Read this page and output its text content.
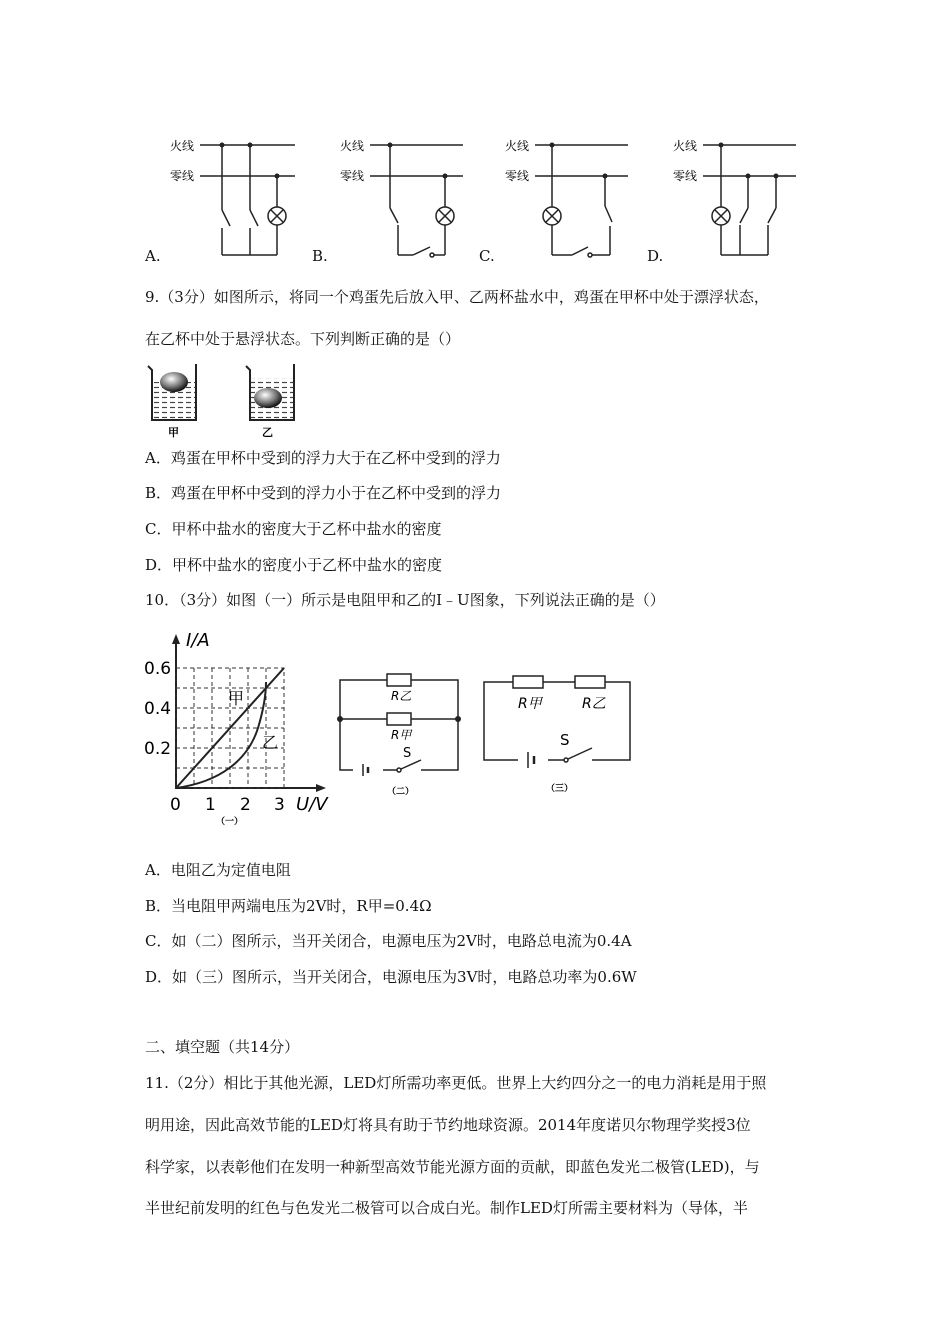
火线
零线
A.
火线
零线
B.
火线
零线
C.
火线
零线
D.
9.（3分）如图所示，将同一个鸡蛋先后放入甲、乙两杯盐水中，鸡蛋在甲杯中处于漂浮状态，
在乙杯中处于悬浮状态。下列判断正确的是（）
甲	乙
A．鸡蛋在甲杯中受到的浮力大于在乙杯中受到的浮力
B．鸡蛋在甲杯中受到的浮力小于在乙杯中受到的浮力
C．甲杯中盐水的密度大于乙杯中盐水的密度
D．甲杯中盐水的密度小于乙杯中盐水的密度
10．（3分）如图（一）所示是电阻甲和乙的I﹣U图象，下列说法正确的是（）
I/A
0.6
0.4
0.2
0 1 2 3 U/V
甲
乙
（一）
R乙
R甲
S
（二）
R甲	R乙
S
（三）
A．电阻乙为定值电阻
B．当电阻甲两端电压为2V时，R甲=0.4Ω
C．如（二）图所示，当开关闭合，电源电压为2V时，电路总电流为0.4A
D．如（三）图所示，当开关闭合，电源电压为3V时，电路总功率为0.6W
二、填空题（共14分）
11.（2分）相比于其他光源，LED灯所需功率更低。世界上大约四分之一的电力消耗是用于照
明用途，因此高效节能的LED灯将具有助于节约地球资源。2014年度诺贝尔物理学奖授3位
科学家，以表彰他们在发明一种新型高效节能光源方面的贡献，即蓝色发光二极管(LED)，与
半世纪前发明的红色与色发光二极管可以合成白光。制作LED灯所需主要材料为（导体，半
